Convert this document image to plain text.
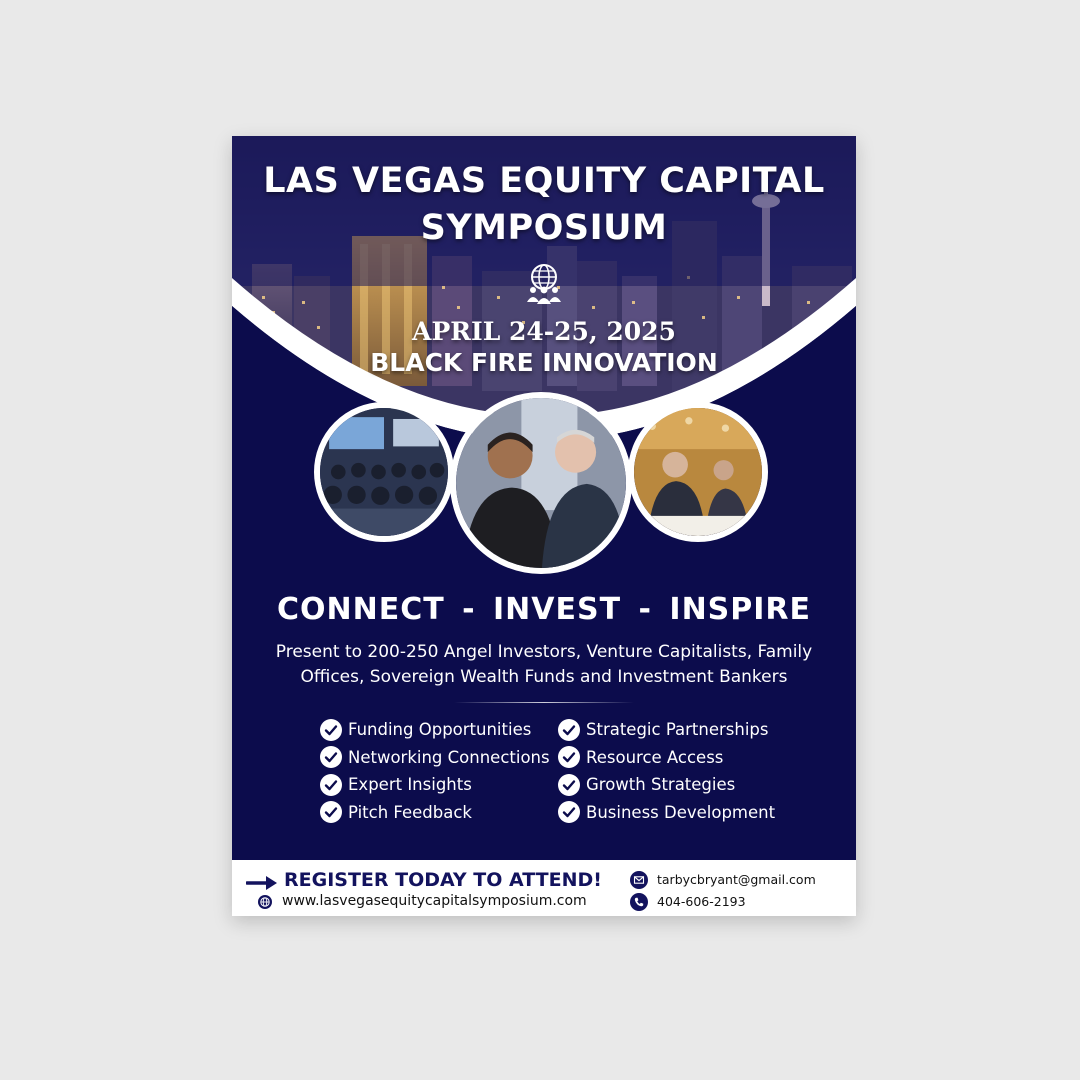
LAS VEGAS EQUITY CAPITAL
SYMPOSIUM
APRIL 24-25, 2025
BLACK FIRE INNOVATION
CONNECT - INVEST - INSPIRE
Present to 200-250 Angel Investors, Venture Capitalists, Family Offices, Sovereign Wealth Funds and Investment Bankers
Funding Opportunities
Networking Connections
Expert Insights
Pitch Feedback
Strategic Partnerships
Resource Access
Growth Strategies
Business Development
REGISTER TODAY TO ATTEND!
www.lasvegasequitycapitalsymposium.com
tarbycbryant@gmail.com
404-606-2193
